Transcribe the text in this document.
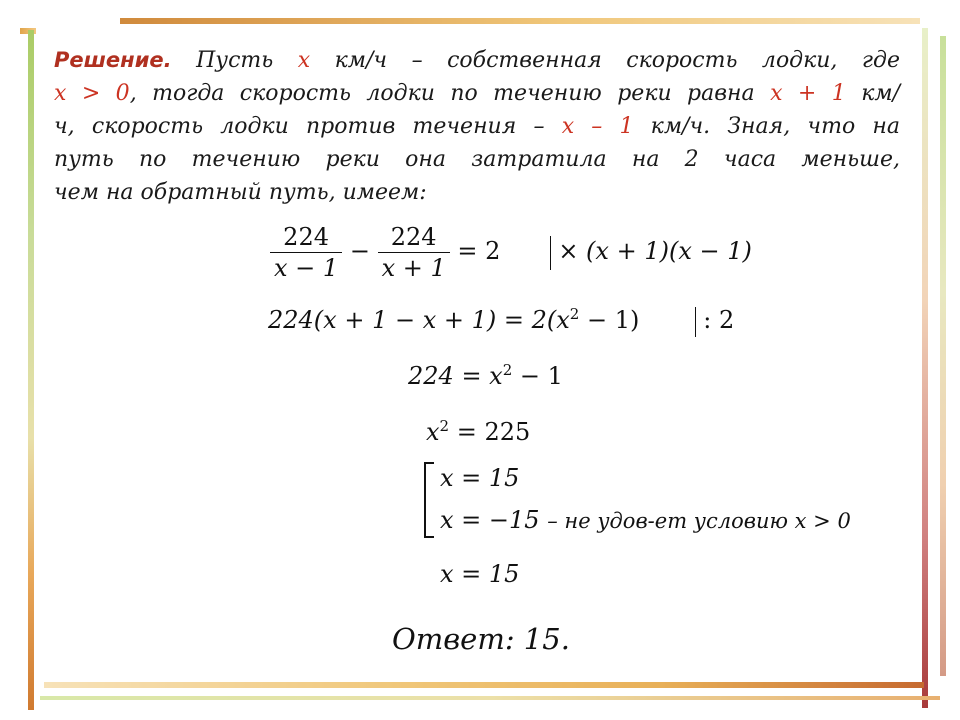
Решение. Пусть x км/ч – собственная скорость лодки, где
x > 0, тогда скорость лодки по течению реки равна x + 1 км/
ч, скорость лодки против течения – x – 1 км/ч. Зная, что на
путь по течению реки она затратила на 2 часа меньше,
чем на обратный путь, имеем:
$\frac{224}{x - 1} - \frac{224}{x + 1} = 2 \times (x + 1)(x - 1)$
$224(x + 1 - x + 1) = 2(x^2 - 1)$	: 2
$224 = x^2 - 1$
$x^2 = 225$
x = 15
x = −15 – не удов-ет условию x > 0
x = 15
Ответ: 15.
